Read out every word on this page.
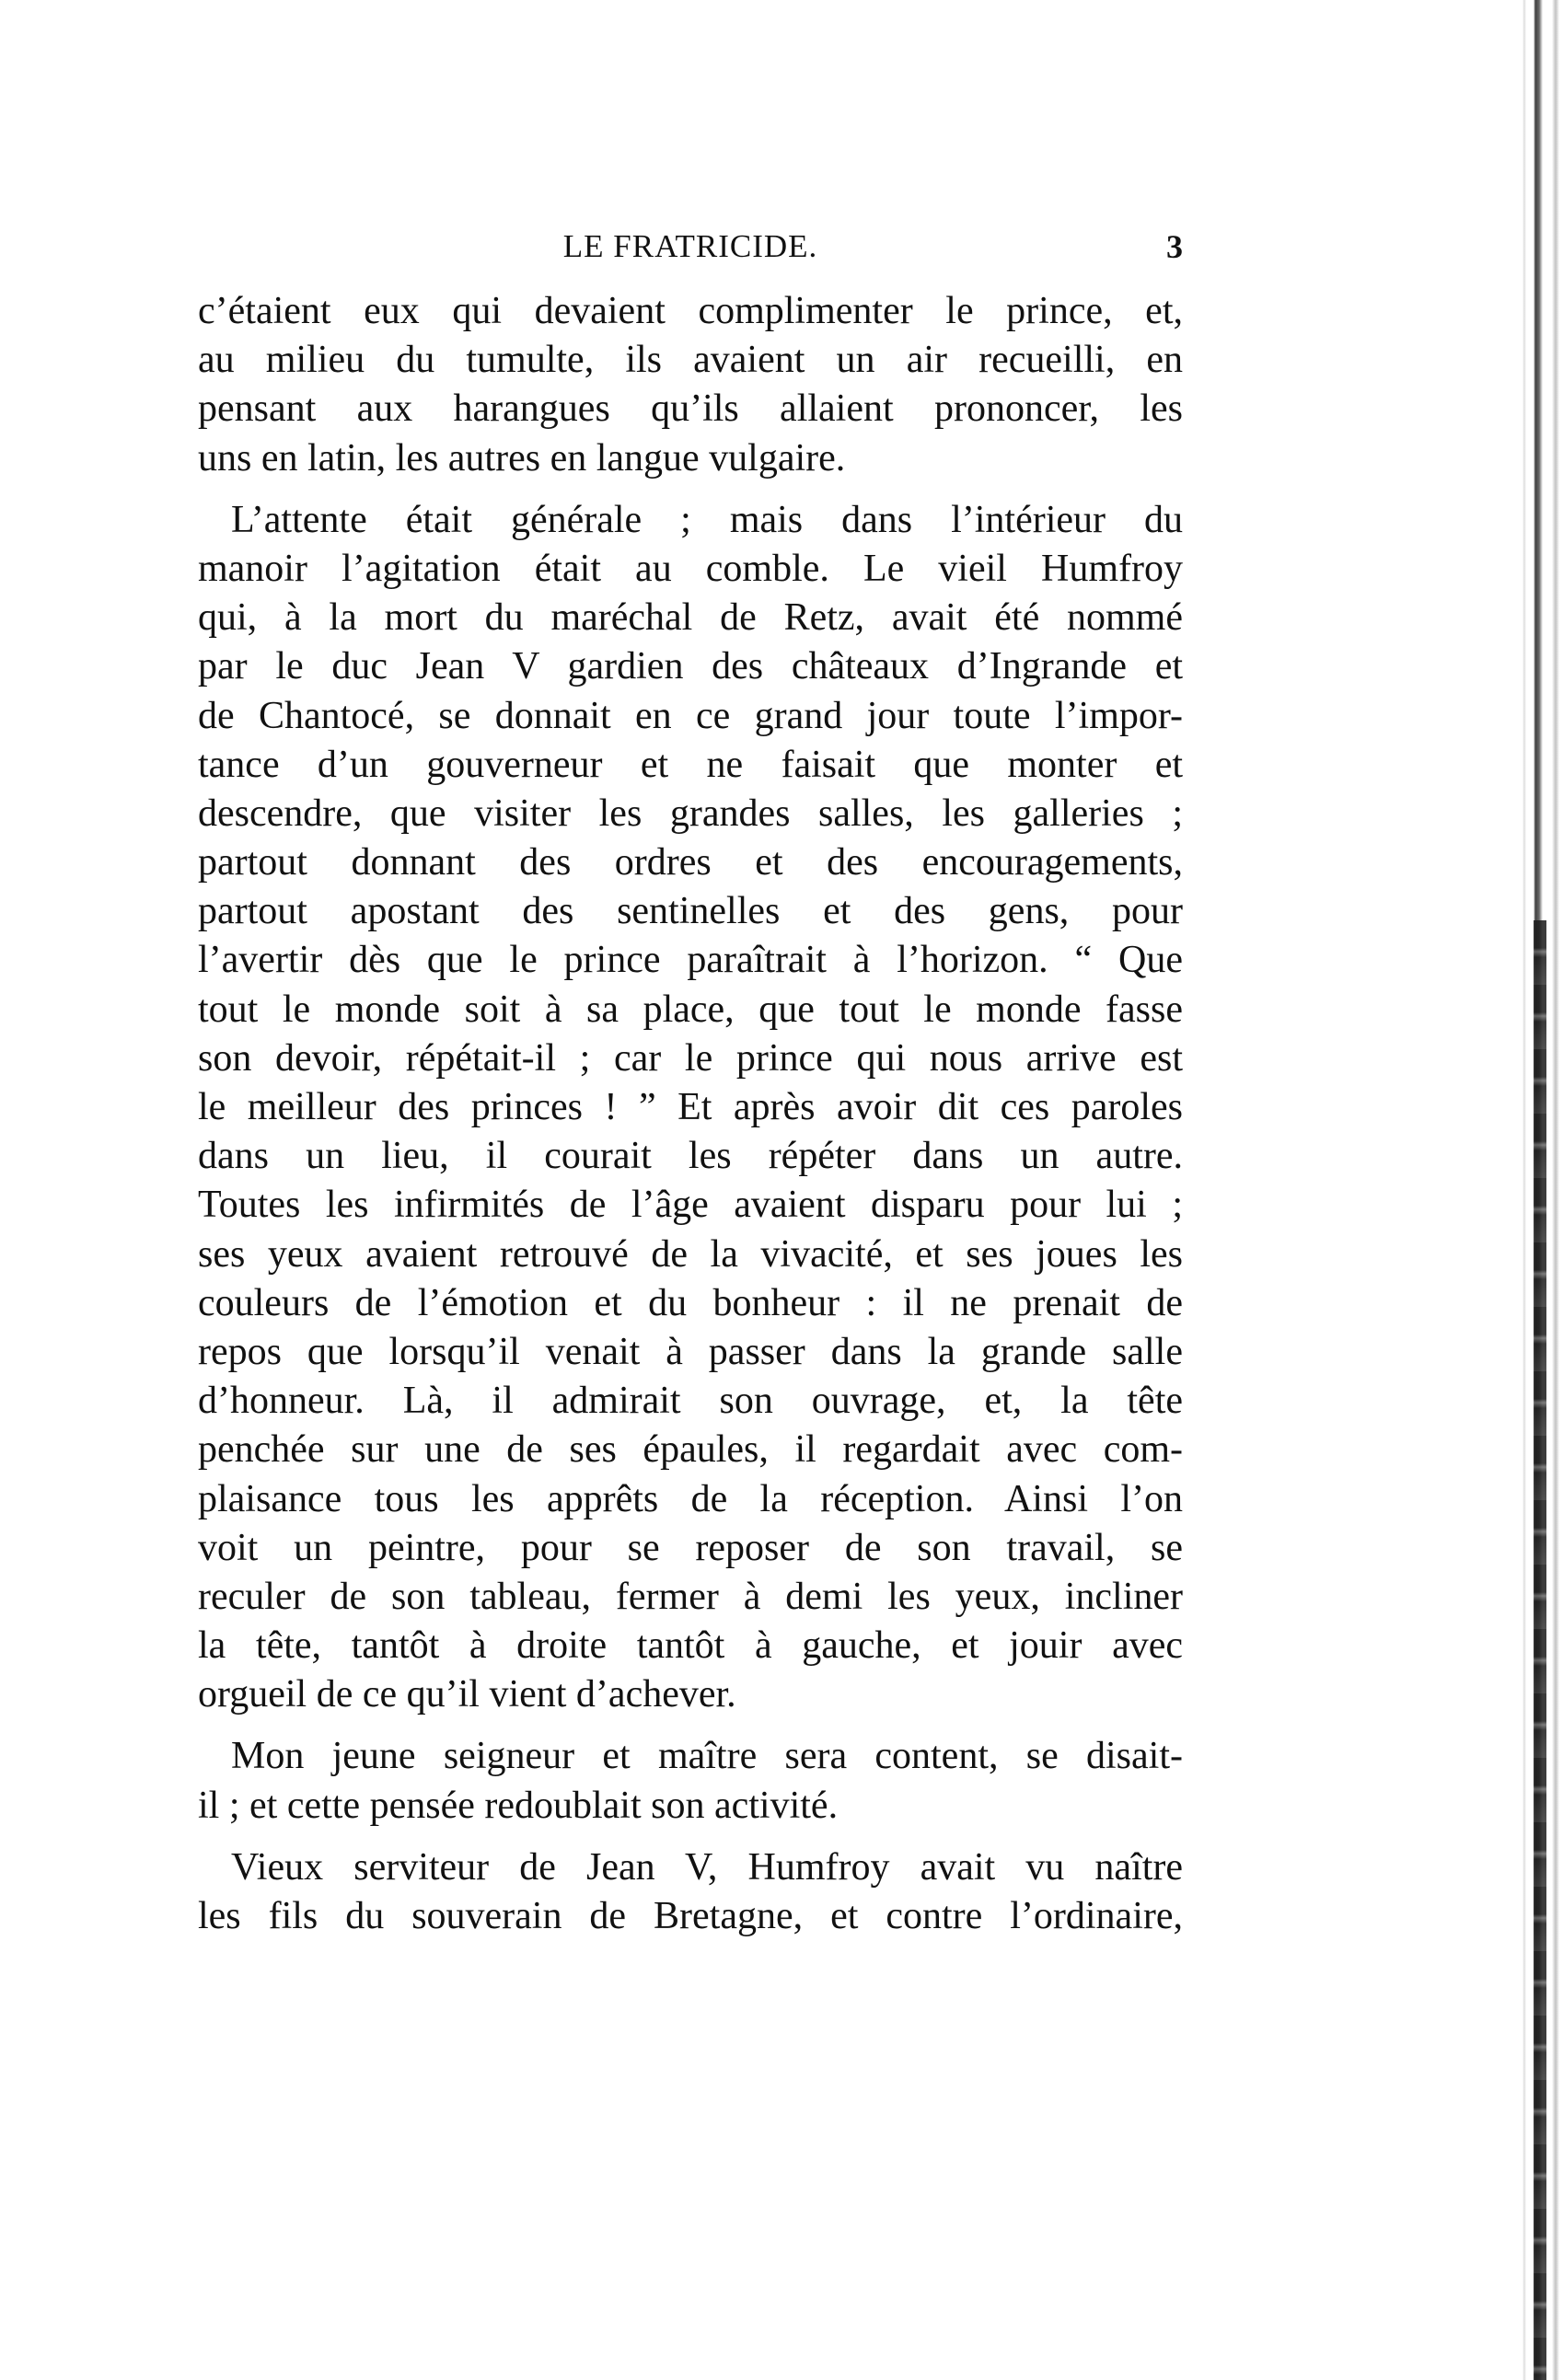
LE FRATRICIDE.	3
c’étaient eux qui devaient complimenter le prince, et,
au milieu du tumulte, ils avaient un air recueilli, en
pensant aux harangues qu’ils allaient prononcer, les
uns en latin, les autres en langue vulgaire.
L’attente était générale ; mais dans l’intérieur du
manoir l’agitation était au comble. Le vieil Humfroy
qui, à la mort du maréchal de Retz, avait été nommé
par le duc Jean V gardien des châteaux d’Ingrande et
de Chantocé, se donnait en ce grand jour toute l’impor-
tance d’un gouverneur et ne faisait que monter et
descendre, que visiter les grandes salles, les galleries ;
partout donnant des ordres et des encouragements,
partout apostant des sentinelles et des gens, pour
l’avertir dès que le prince paraîtrait à l’horizon. “ Que
tout le monde soit à sa place, que tout le monde fasse
son devoir, répétait-il ; car le prince qui nous arrive est
le meilleur des princes ! ” Et après avoir dit ces paroles
dans un lieu, il courait les répéter dans un autre.
Toutes les infirmités de l’âge avaient disparu pour lui ;
ses yeux avaient retrouvé de la vivacité, et ses joues les
couleurs de l’émotion et du bonheur : il ne prenait de
repos que lorsqu’il venait à passer dans la grande salle
d’honneur. Là, il admirait son ouvrage, et, la tête
penchée sur une de ses épaules, il regardait avec com-
plaisance tous les apprêts de la réception. Ainsi l’on
voit un peintre, pour se reposer de son travail, se
reculer de son tableau, fermer à demi les yeux, incliner
la tête, tantôt à droite tantôt à gauche, et jouir avec
orgueil de ce qu’il vient d’achever.
Mon jeune seigneur et maître sera content, se disait-
il ; et cette pensée redoublait son activité.
Vieux serviteur de Jean V, Humfroy avait vu naître
les fils du souverain de Bretagne, et contre l’ordinaire,
